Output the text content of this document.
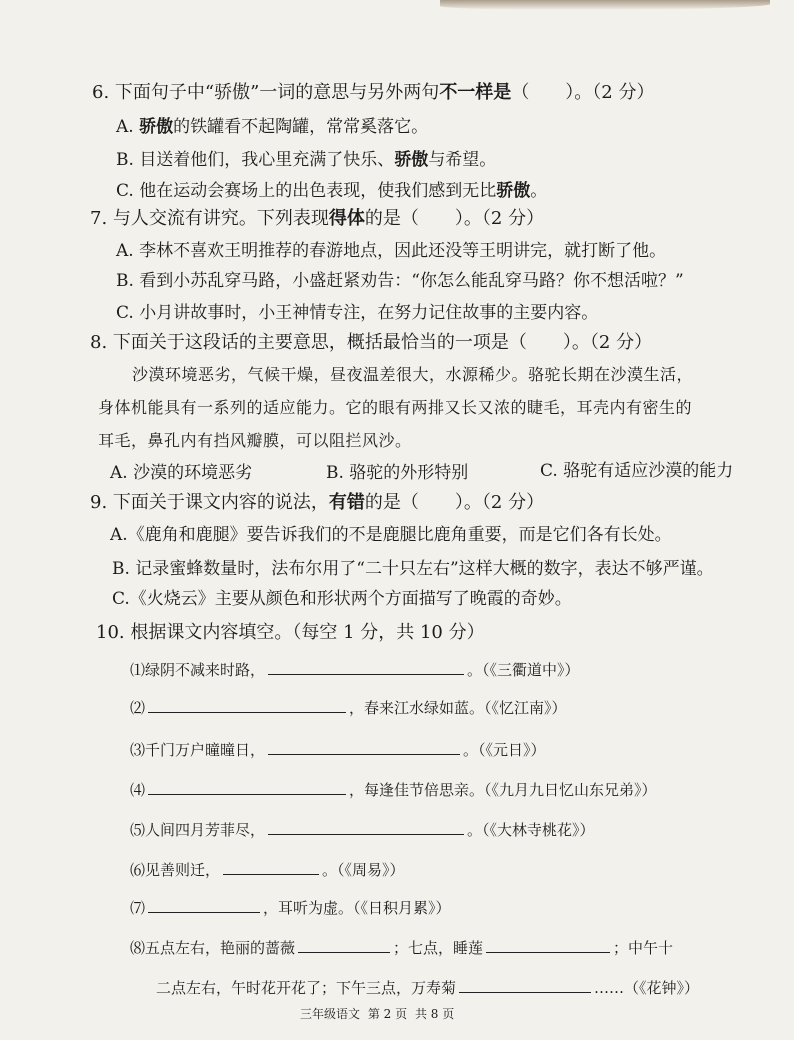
6. 下面句子中“骄傲”一词的意思与另外两句不一样是（　　）。（2 分）
A. 骄傲的铁罐看不起陶罐，常常奚落它。
B. 目送着他们，我心里充满了快乐、骄傲与希望。
C. 他在运动会赛场上的出色表现，使我们感到无比骄傲。
7. 与人交流有讲究。下列表现得体的是（　　）。（2 分）
A. 李林不喜欢王明推荐的春游地点，因此还没等王明讲完，就打断了他。
B. 看到小苏乱穿马路，小盛赶紧劝告：“你怎么能乱穿马路？你不想活啦？”
C. 小月讲故事时，小王神情专注，在努力记住故事的主要内容。
8. 下面关于这段话的主要意思，概括最恰当的一项是（　　）。（2 分）
沙漠环境恶劣，气候干燥，昼夜温差很大，水源稀少。骆驼长期在沙漠生活，
身体机能具有一系列的适应能力。它的眼有两排又长又浓的睫毛，耳壳内有密生的
耳毛，鼻孔内有挡风瓣膜，可以阻拦风沙。
A. 沙漠的环境恶劣	B. 骆驼的外形特别	C. 骆驼有适应沙漠的能力
9. 下面关于课文内容的说法，有错的是（　　）。（2 分）
A.《鹿角和鹿腿》要告诉我们的不是鹿腿比鹿角重要，而是它们各有长处。
B. 记录蜜蜂数量时，法布尔用了“二十只左右”这样大概的数字，表达不够严谨。
C.《火烧云》主要从颜色和形状两个方面描写了晚霞的奇妙。
10. 根据课文内容填空。（每空 1 分，共 10 分）
⑴绿阴不减来时路，	。（《三衢道中》）
⑵	，春来江水绿如蓝。（《忆江南》）
⑶千门万户曈曈日，	。（《元日》）
⑷	，每逢佳节倍思亲。（《九月九日忆山东兄弟》）
⑸人间四月芳菲尽，	。（《大林寺桃花》）
⑹见善则迁，	。（《周易》）
⑺	，耳听为虚。（《日积月累》）
⑻五点左右，艳丽的蔷薇	；七点，睡莲	；中午十
二点左右，午时花开花了；下午三点，万寿菊	……（《花钟》）
三年级语文 第 2 页 共 8 页
